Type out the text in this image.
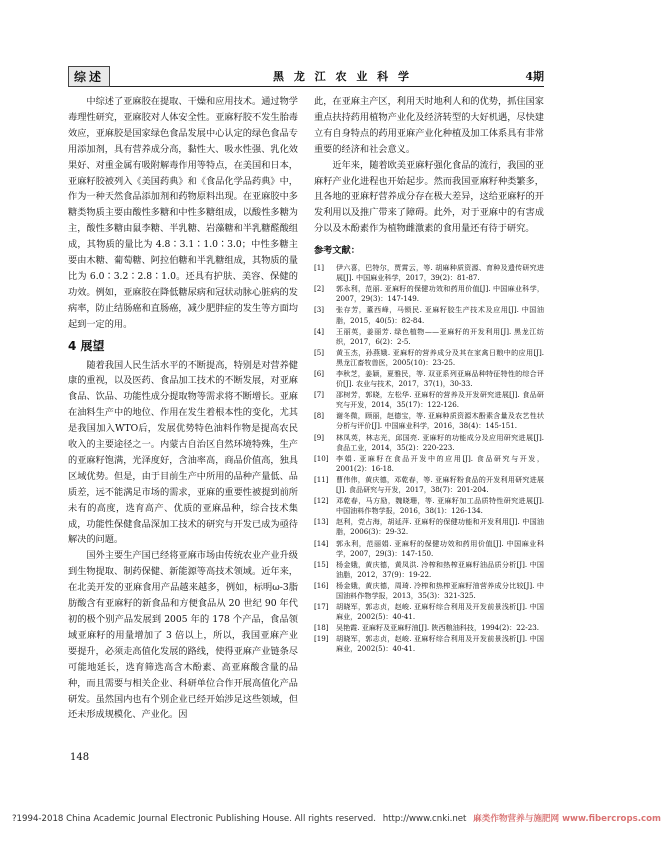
综述	黑 龙 江 农 业 科 学	4期

中综述了亚麻胶在提取、干燥和应用技术。通过物学毒理性研究，亚麻胶对人体安全性。亚麻籽胶不发生胎毒效应，亚麻胶是国家绿色食品发展中心认定的绿色食品专用添加剂，具有营养成分高，黏性大、吸水性强、乳化效果好、对重金属有吸附解毒作用等特点，在美国和日本，亚麻籽胶被列入《美国药典》和《食品化学品药典》中，作为一种天然食品添加剂和药物原料出现。在亚麻胶中多糖类物质主要由酸性多糖和中性多糖组成，以酸性多糖为主，酸性多糖由鼠李糖、半乳糖、岩藻糖和半乳糖醛酸组成，其物质的量比为 4.8∶3.1∶1.0∶3.0；中性多糖主要由木糖、葡萄糖、阿拉伯糖和半乳糖组成，其物质的量比为 6.0∶3.2∶2.8∶1.0。还具有护肤、美容、保健的功效。例如，亚麻胶在降低糖尿病和冠状动脉心脏病的发病率，防止结肠癌和直肠癌，减少肥胖症的发生等方面均起到一定的用。

4 展望

随着我国人民生活水平的不断提高，特别是对营养健康的重视，以及医药、食品加工技术的不断发展，对亚麻食品、饮品、功能性成分提取物等需求将不断增长。亚麻在油料生产中的地位、作用在发生着根本性的变化，尤其是我国加入WTO后，发展优势特色油料作物是提高农民收入的主要途径之一。内蒙古自治区自然环境特殊，生产的亚麻籽饱满，光泽度好，含油率高，商品价值高，独具区域优势。但是，由于目前生产中所用的品种产量低、品质差，远不能满足市场的需求，亚麻的重要性被提到前所未有的高度，选育高产、优质的亚麻品种，综合技术集成，功能性保健食品深加工技术的研究与开发已成为亟待解决的问题。

国外主要生产国已经将亚麻市场由传统农业产业升级到生物提取、制药保健、新能源等高技术领域。近年来，在北美开发的亚麻食用产品越来越多，例如，标明ω-3脂肪酸含有亚麻籽的新食品和方便食品从 20 世纪 90 年代初的极个别产品发展到 2005 年的 178 个产品，食品领域亚麻籽的用量增加了 3 倍以上，所以，我国亚麻产业要提升，必须走高值化发展的路线，使得亚麻产业链条尽可能地延长，选育筛选高含木酚素、高亚麻酸含量的品种，而且需要与相关企业、科研单位合作开展高值化产品研发。虽然国内也有个别企业已经开始涉足这些领域，但还未形成规模化、产业化。因

此，在亚麻主产区，利用天时地利人和的优势，抓住国家重点扶持药用植物产业化及经济转型的大好机遇，尽快建立有自身特点的药用亚麻产业化种植及加工体系具有非常重要的经济和社会意义。

近年来，随着欧美亚麻籽强化食品的流行，我国的亚麻籽产业化进程也开始起步。然而我国亚麻籽种类繁多，且各地的亚麻籽营养成分存在极大差异，这给亚麻籽的开发利用以及推广带来了障碍。此外，对于亚麻中的有害成分以及木酚素作为植物雌激素的食用量还有待于研究。

参考文献：
[1]	伊六喜，巴特尔，贾霄云，等. 胡麻种质资源、育种及遗传研究进展[J]. 中国麻业科学，2017，39(2)：81-87.
[2]	郭永利，范丽. 亚麻籽的保健功效和药用价值[J]. 中国麻业科学，2007，29(3)：147-149.
[3]	张存芳，董西峰，马锁民. 亚麻籽胶生产技术及应用[J]. 中国油脂，2015，40(5)：82-84.
[4]	王丽英，姜丽芳. 绿色植物——亚麻籽的开发利用[J]. 黑龙江纺织，2017，6(2)：2-5.
[5]	黄玉杰，孙燕娥. 亚麻籽的营养成分及其在家禽日粮中的应用[J]. 黑龙江畜牧兽医，2005(10)：23-25.
[6]	李秋芝，姜颖，夏雅民，等. 双亚系列亚麻品种特征特性的综合评价[J]. 农业与技术，2017，37(1)，30-33.
[7]	邵树芳，郭晓，左松华. 亚麻籽的营养及开发研究进展[J]. 食品研究与开发，2014，35(17)：122-126.
[8]	谢冬微，顾丽，赵德宝，等. 亚麻种质资源木酚素含量及农艺性状分析与评价[J]. 中国麻业科学，2016，38(4)：145-151.
[9]	林凤英，林志光，邱国亮. 亚麻籽的功能成分及应用研究进展[J]. 食品工业，2014，35(2)：220-223.
[10]	李娟. 亚麻籽在食品开发中的应用[J]. 食品研究与开发，2001(2)：16-18.
[11]	曹伟伟，黄庆德，邓乾春，等. 亚麻籽粉食品的开发利用研究进展[J]. 食品研究与开发，2017，38(7)：201-204.
[12]	邓乾春，马方励，魏晓珊，等. 亚麻籽加工品质特性研究进展[J]. 中国油料作物学报，2016，38(1)：126-134.
[13]	赵利，党占海，胡延萍. 亚麻籽的保健功能和开发利用[J]. 中国油脂，2006(3)：29-32.
[14]	郭永利，范丽娟. 亚麻籽的保健功效和药用价值[J]. 中国麻业科学，2007，29(3)：147-150.
[15]	杨金娥，黄庆德，黄凤洪. 冷榨和热榨亚麻籽油品质分析[J]. 中国油脂，2012，37(9)：19-22.
[16]	杨金娥，黄庆德，周琦. 冷榨和热榨亚麻籽油营养成分比较[J]. 中国油料作物学报，2013，35(3)：321-325.
[17]	胡晓军，郭志贞，赵峻. 亚麻籽综合利用及开发前景浅析[J]. 中国麻业，2002(5)：40-41.
[18]	吴艳霞. 亚麻籽及亚麻籽油[J]. 陕西粮油科技，1994(2)：22-23.
[19]	胡晓军，郭志贞，赵峻. 亚麻籽综合利用及开发前景浅析[J]. 中国麻业，2002(5)：40-41.
148
?1994-2018 China Academic Journal Electronic Publishing House. All rights reserved. http://www.cnki.net 麻类作物营养与施肥网 www.fibercrops.com
